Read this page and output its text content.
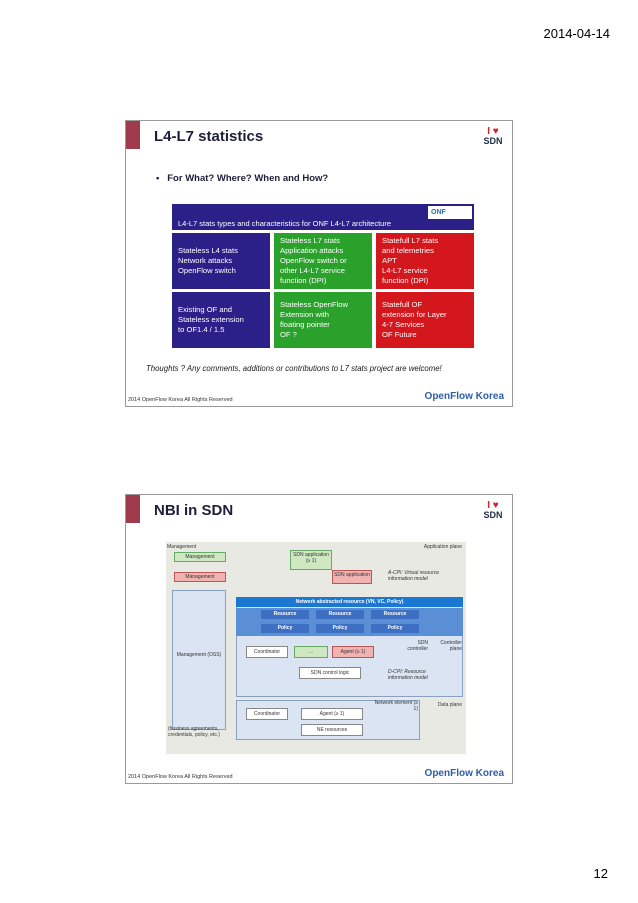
2014-04-14
L4-L7 statistics	I ♥
SDN
•   For What? Where? When and How?
L4-L7 stats types and characteristics for ONF L4-L7 architecture
ONF
Stateless L4 stats
Network attacks
OpenFlow switch
Stateless L7 stats
Application attacks
OpenFlow switch or
other L4-L7 service
function (DPI)
Statefull L7 stats
and telemetries
APT
L4-L7 service
function (DPI)
Existing OF and
Stateless extension
to OF1.4 / 1.5
Stateless OpenFlow
Extension with
floating pointer
OF ?
Statefull OF
extension for Layer
4-7 Services
OF Future
Thoughts ? Any comments, additions or contributions to L7 stats project are welcome!
2014 OpenFlow Korea All Rights Reserved	OpenFlow Korea
NBI in SDN	I ♥
SDN
Management	Application plane
Management	SDN application (≥ 1)
Management	SDN application	A-CPI: Virtual resource information model
Network abstracted resource (VN, VC, Policy)
Resource	Resource	Resource
Policy	Policy	Policy
Management (OSS)
(business agreements, credentials, policy, etc.)
Coordinator	...	Agent (≥ 1)
SDN controller
Controller plane
SDN control logic	D-CPI: Resource information model
Network element (≥ 1)
Data plane
Coordinator	Agent (≥ 1)
NE resources
2014 OpenFlow Korea All Rights Reserved	OpenFlow Korea
12
